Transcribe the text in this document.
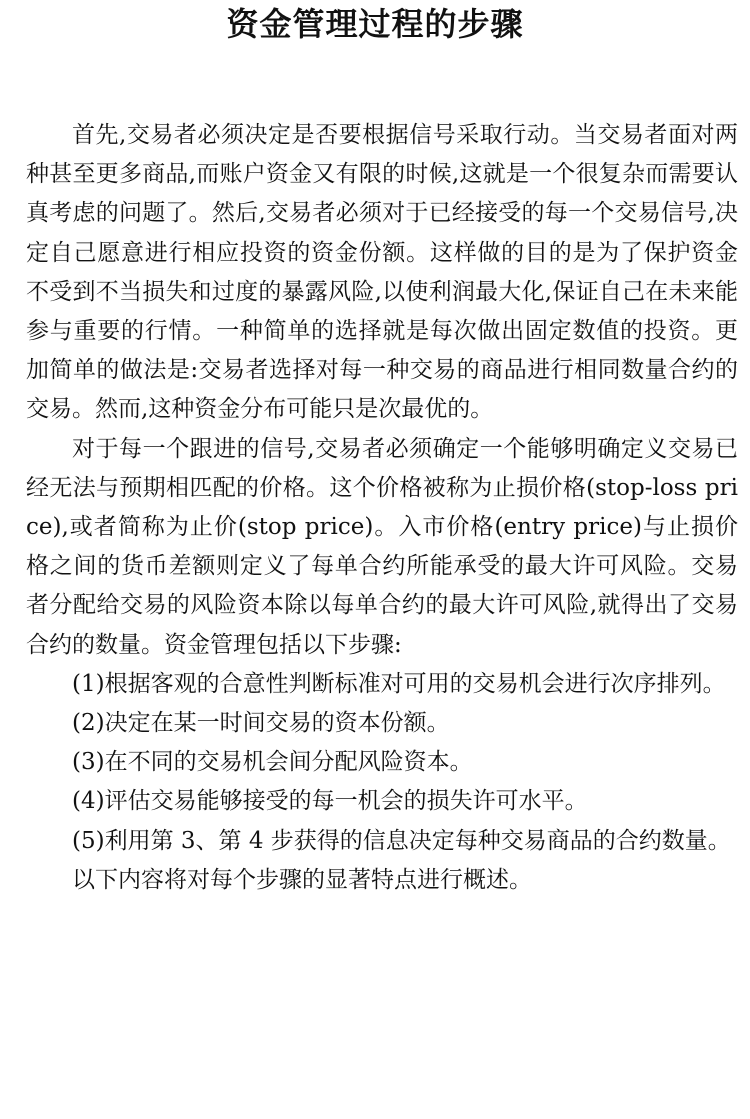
资金管理过程的步骤

首先,交易者必须决定是否要根据信号采取行动。当交易者面对两种甚至更多商品,而账户资金又有限的时候,这就是一个很复杂而需要认真考虑的问题了。然后,交易者必须对于已经接受的每一个交易信号,决定自己愿意进行相应投资的资金份额。这样做的目的是为了保护资金不受到不当损失和过度的暴露风险,以使利润最大化,保证自己在未来能参与重要的行情。一种简单的选择就是每次做出固定数值的投资。更加简单的做法是:交易者选择对每一种交易的商品进行相同数量合约的交易。然而,这种资金分布可能只是次最优的。

对于每一个跟进的信号,交易者必须确定一个能够明确定义交易已经无法与预期相匹配的价格。这个价格被称为止损价格(stop-loss price),或者简称为止价(stop price)。入市价格(entry price)与止损价格之间的货币差额则定义了每单合约所能承受的最大许可风险。交易者分配给交易的风险资本除以每单合约的最大许可风险,就得出了交易合约的数量。资金管理包括以下步骤:

(1)根据客观的合意性判断标准对可用的交易机会进行次序排列。

(2)决定在某一时间交易的资本份额。

(3)在不同的交易机会间分配风险资本。

(4)评估交易能够接受的每一机会的损失许可水平。

(5)利用第 3、第 4 步获得的信息决定每种交易商品的合约数量。

以下内容将对每个步骤的显著特点进行概述。
